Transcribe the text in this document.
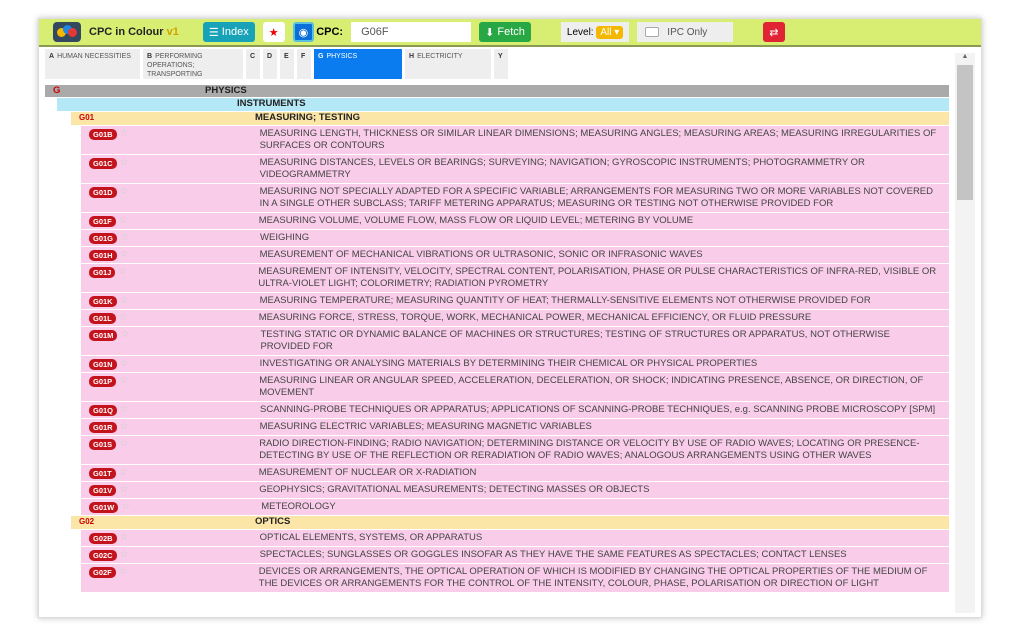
CPC in Colour v1	☰ Index ★ ◉ CPC:
G06F	⬇ Fetch	Level:
All ▾	IPC Only	⇄
A HUMAN NECESSITIES	B PERFORMING OPERATIONS; TRANSPORTING
C	D	E	F	G PHYSICS	H ELECTRICITY	Y
G	PHYSICS
INSTRUMENTS
G01	MEASURING; TESTING
G01B ☆	MEASURING LENGTH, THICKNESS OR SIMILAR LINEAR DIMENSIONS; MEASURING ANGLES; MEASURING AREAS; MEASURING IRREGULARITIES OF SURFACES OR CONTOURS
G01C ☆	MEASURING DISTANCES, LEVELS OR BEARINGS; SURVEYING; NAVIGATION; GYROSCOPIC INSTRUMENTS; PHOTOGRAMMETRY OR VIDEOGRAMMETRY
G01D ☆	MEASURING NOT SPECIALLY ADAPTED FOR A SPECIFIC VARIABLE; ARRANGEMENTS FOR MEASURING TWO OR MORE VARIABLES NOT COVERED IN A SINGLE OTHER SUBCLASS; TARIFF METERING APPARATUS; MEASURING OR TESTING NOT OTHERWISE PROVIDED FOR
G01F ☆	MEASURING VOLUME, VOLUME FLOW, MASS FLOW OR LIQUID LEVEL; METERING BY VOLUME
G01G ☆	WEIGHING
G01H ☆	MEASUREMENT OF MECHANICAL VIBRATIONS OR ULTRASONIC, SONIC OR INFRASONIC WAVES
G01J ☆	MEASUREMENT OF INTENSITY, VELOCITY, SPECTRAL CONTENT, POLARISATION, PHASE OR PULSE CHARACTERISTICS OF INFRA-RED, VISIBLE OR ULTRA-VIOLET LIGHT; COLORIMETRY; RADIATION PYROMETRY
G01K ☆	MEASURING TEMPERATURE; MEASURING QUANTITY OF HEAT; THERMALLY-SENSITIVE ELEMENTS NOT OTHERWISE PROVIDED FOR
G01L ☆	MEASURING FORCE, STRESS, TORQUE, WORK, MECHANICAL POWER, MECHANICAL EFFICIENCY, OR FLUID PRESSURE
G01M ☆	TESTING STATIC OR DYNAMIC BALANCE OF MACHINES OR STRUCTURES; TESTING OF STRUCTURES OR APPARATUS, NOT OTHERWISE PROVIDED FOR
G01N ☆	INVESTIGATING OR ANALYSING MATERIALS BY DETERMINING THEIR CHEMICAL OR PHYSICAL PROPERTIES
G01P ☆	MEASURING LINEAR OR ANGULAR SPEED, ACCELERATION, DECELERATION, OR SHOCK; INDICATING PRESENCE, ABSENCE, OR DIRECTION, OF MOVEMENT
G01Q ☆	SCANNING-PROBE TECHNIQUES OR APPARATUS; APPLICATIONS OF SCANNING-PROBE TECHNIQUES, e.g. SCANNING PROBE MICROSCOPY [SPM]
G01R ☆	MEASURING ELECTRIC VARIABLES; MEASURING MAGNETIC VARIABLES
G01S ☆	RADIO DIRECTION-FINDING; RADIO NAVIGATION; DETERMINING DISTANCE OR VELOCITY BY USE OF RADIO WAVES; LOCATING OR PRESENCE-DETECTING BY USE OF THE REFLECTION OR RERADIATION OF RADIO WAVES; ANALOGOUS ARRANGEMENTS USING OTHER WAVES
G01T ☆	MEASUREMENT OF NUCLEAR OR X-RADIATION
G01V ☆	GEOPHYSICS; GRAVITATIONAL MEASUREMENTS; DETECTING MASSES OR OBJECTS
G01W ☆	METEOROLOGY
G02	OPTICS
G02B ☆	OPTICAL ELEMENTS, SYSTEMS, OR APPARATUS
G02C ☆	SPECTACLES; SUNGLASSES OR GOGGLES INSOFAR AS THEY HAVE THE SAME FEATURES AS SPECTACLES; CONTACT LENSES
G02F ☆	DEVICES OR ARRANGEMENTS, THE OPTICAL OPERATION OF WHICH IS MODIFIED BY CHANGING THE OPTICAL PROPERTIES OF THE MEDIUM OF THE DEVICES OR ARRANGEMENTS FOR THE CONTROL OF THE INTENSITY, COLOUR, PHASE, POLARISATION OR DIRECTION OF LIGHT
▲
